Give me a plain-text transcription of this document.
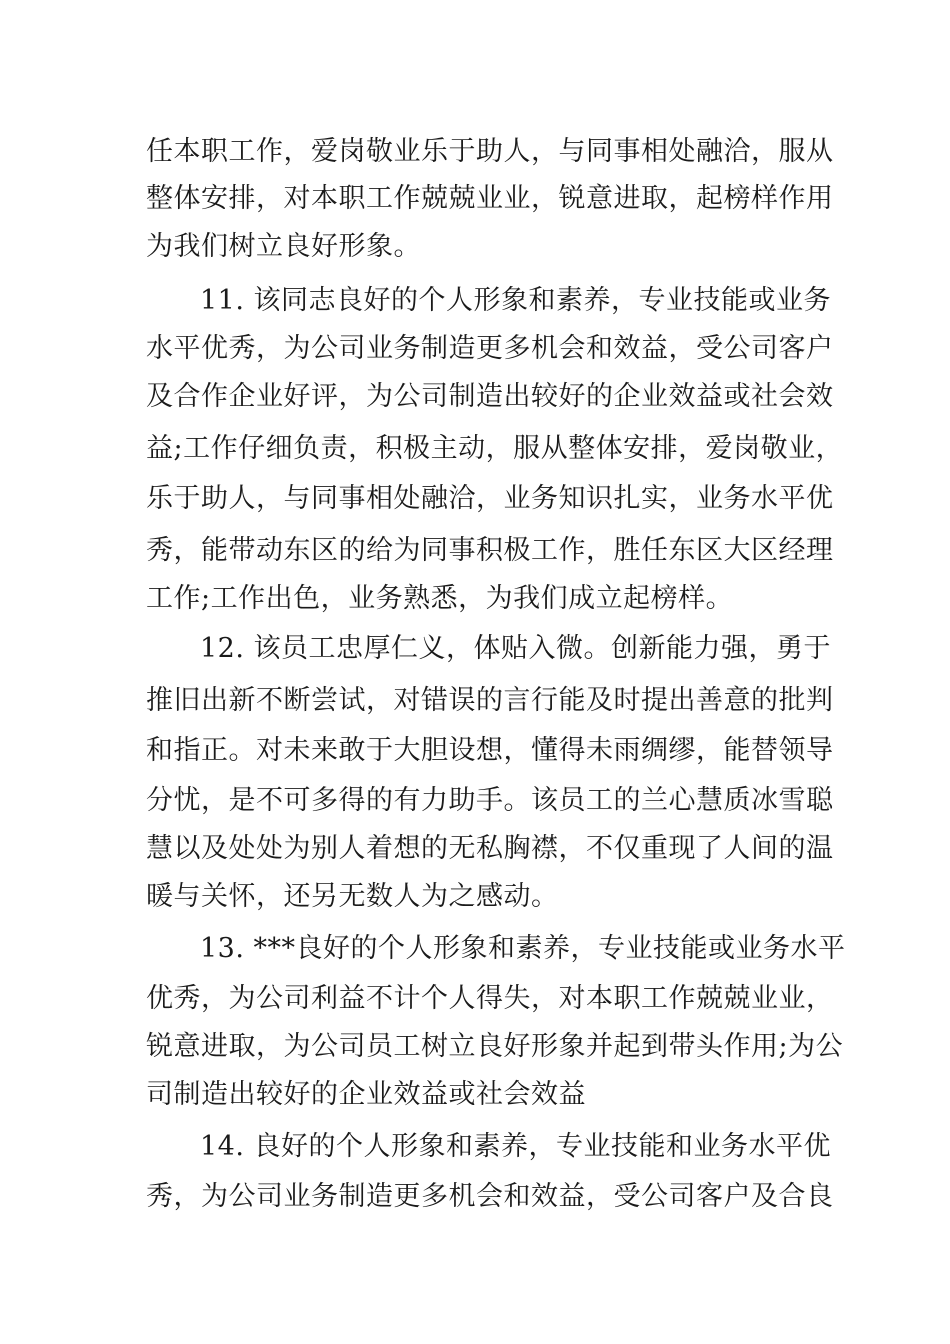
任本职工作，爱岗敬业乐于助人，与同事相处融洽，服从
整体安排，对本职工作兢兢业业，锐意进取，起榜样作用
为我们树立良好形象。
11. 该同志良好的个人形象和素养，专业技能或业务
水平优秀，为公司业务制造更多机会和效益，受公司客户
及合作企业好评，为公司制造出较好的企业效益或社会效
益;工作仔细负责，积极主动，服从整体安排，爱岗敬业，
乐于助人，与同事相处融洽，业务知识扎实，业务水平优
秀，能带动东区的给为同事积极工作，胜任东区大区经理
工作;工作出色，业务熟悉，为我们成立起榜样。
12. 该员工忠厚仁义，体贴入微。创新能力强，勇于
推旧出新不断尝试，对错误的言行能及时提出善意的批判
和指正。对未来敢于大胆设想，懂得未雨绸缪，能替领导
分忧，是不可多得的有力助手。该员工的兰心慧质冰雪聪
慧以及处处为别人着想的无私胸襟，不仅重现了人间的温
暖与关怀，还另无数人为之感动。
13. ***良好的个人形象和素养，专业技能或业务水平
优秀，为公司利益不计个人得失，对本职工作兢兢业业，
锐意进取，为公司员工树立良好形象并起到带头作用;为公
司制造出较好的企业效益或社会效益
14. 良好的个人形象和素养，专业技能和业务水平优
秀，为公司业务制造更多机会和效益，受公司客户及合良
